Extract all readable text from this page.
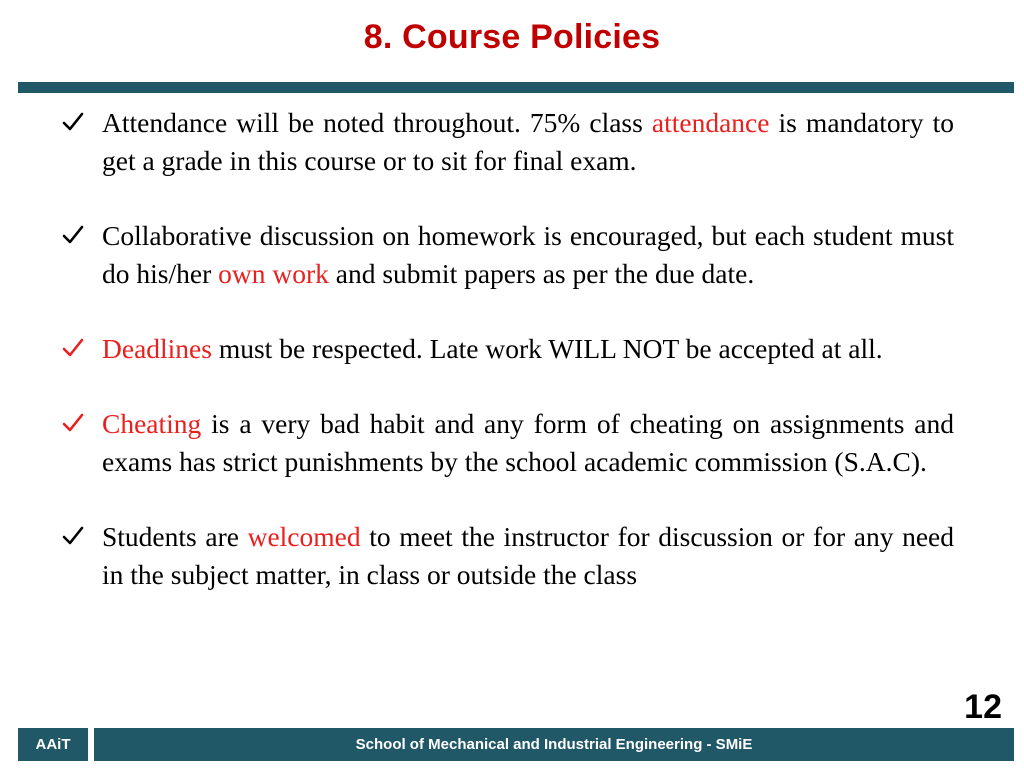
8. Course Policies
Attendance will be noted throughout. 75% class attendance is mandatory to get a grade in this course or to sit for final exam.
Collaborative discussion on homework is encouraged, but each student must do his/her own work and submit papers as per the due date.
Deadlines must be respected. Late work WILL NOT be accepted at all.
Cheating is a very bad habit and any form of cheating on assignments and exams has strict punishments by the school academic commission (S.A.C).
Students are welcomed to meet the instructor for discussion or for any need in the subject matter, in class or outside the class
12
AAiT	School of Mechanical and Industrial Engineering - SMiE
